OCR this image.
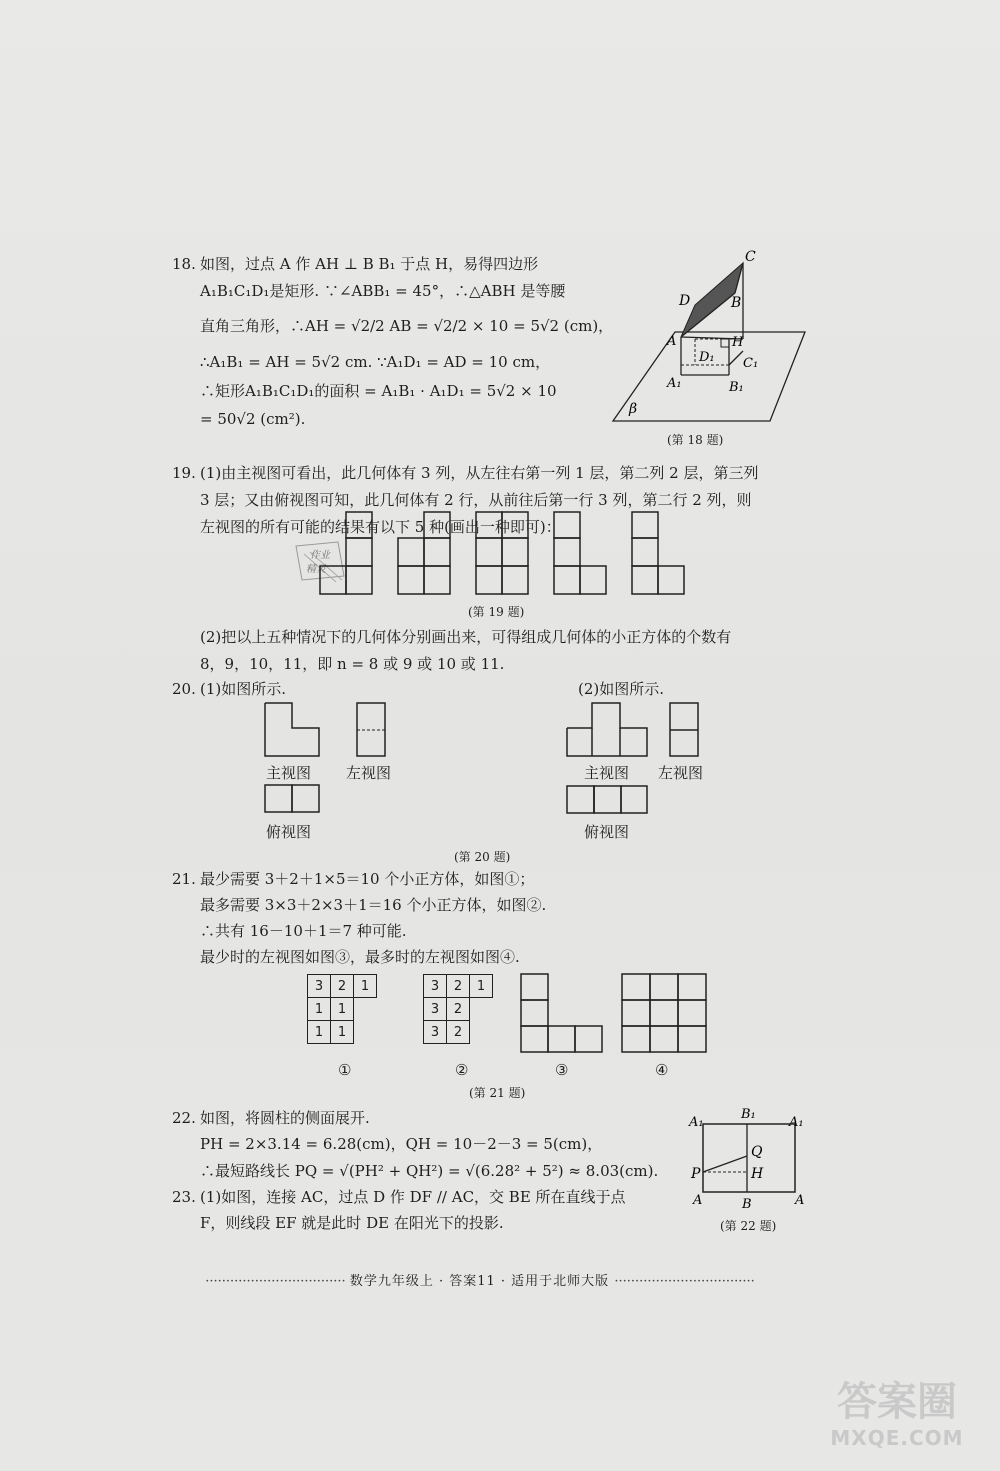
18. 如图，过点 A 作 AH ⊥ B B₁ 于点 H，易得四边形
A₁B₁C₁D₁是矩形. ∵∠ABB₁ = 45°，∴△ABH 是等腰
直角三角形，∴AH = √2/2 AB = √2/2 × 10 = 5√2 (cm)，
∴A₁B₁ = AH = 5√2 cm. ∵A₁D₁ = AD = 10 cm，
∴矩形A₁B₁C₁D₁的面积 = A₁B₁ · A₁D₁ = 5√2 × 10
= 50√2 (cm²).
C
D	B
A	H
D₁ C₁
A₁	B₁
β
(第 18 题)
19. (1)由主视图可看出，此几何体有 3 列，从左往右第一列 1 层，第二列 2 层，第三列
3 层；又由俯视图可知，此几何体有 2 行，从前往后第一行 3 列，第二行 2 列，则
左视图的所有可能的结果有以下 5 种(画出一种即可)：
作业
精灵
(第 19 题)
(2)把以上五种情况下的几何体分别画出来，可得组成几何体的小正方体的个数有
8，9，10，11，即 n = 8 或 9 或 10 或 11.
20. (1)如图所示.	(2)如图所示.
主视图 左视图
俯视图
主视图 左视图
俯视图
(第 20 题)
21. 最少需要 3＋2＋1×5＝10 个小正方体，如图①；
最多需要 3×3＋2×3＋1＝16 个小正方体，如图②.
∴共有 16－10＋1＝7 种可能.
最少时的左视图如图③，最多时的左视图如图④.
3	2	1
1	1	
1	1	
3	2	1
3	2	
3	2	
①	②	③	④
(第 21 题)
22. 如图，将圆柱的侧面展开.
PH = 2×3.14 = 6.28(cm)，QH = 10－2－3 = 5(cm)，
∴最短路线长 PQ = √(PH² + QH²) = √(6.28² + 5²) ≈ 8.03(cm).
A₁
B₁
A₁
Q
P	H
A	B	A
(第 22 题)
23. (1)如图，连接 AC，过点 D 作 DF // AC，交 BE 所在直线于点
F，则线段 EF 就是此时 DE 在阳光下的投影.
·································· 数学九年级上 · 答案11 · 适用于北师大版 ··································
答案圈
MXQE.COM
